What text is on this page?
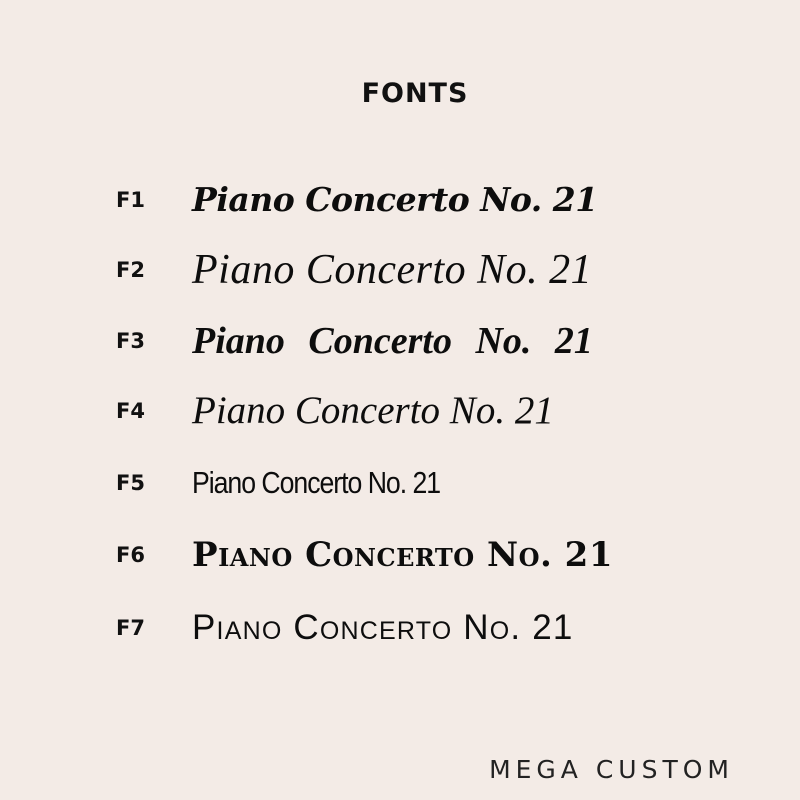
FONTS
F1 Piano Concerto No. 21
F2 Piano Concerto No. 21
F3 Piano Concerto No. 21
F4 Piano Concerto No. 21
F5 Piano Concerto No. 21
F6 Piano Concerto No. 21
F7 Piano Concerto No. 21
MEGA CUSTOM
